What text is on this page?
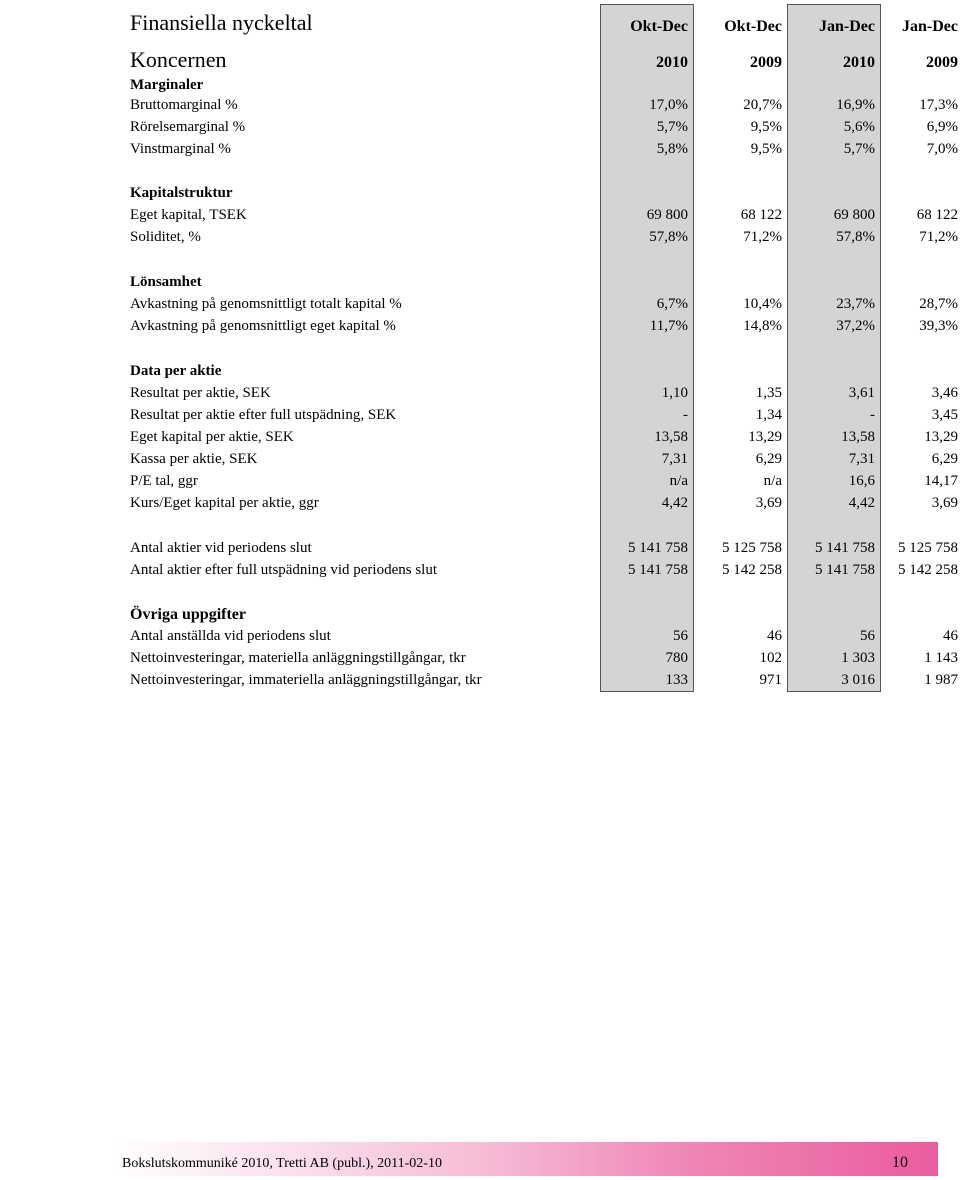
Finansiella nyckeltal
Koncernen
Okt-Dec	Okt-Dec	Jan-Dec	Jan-Dec
2010	2009	2010	2009
Marginaler
Bruttomarginal %	17,0%	20,7%	16,9%	17,3%
Rörelsemarginal %	5,7%	9,5%	5,6%	6,9%
Vinstmarginal %	5,8%	9,5%	5,7%	7,0%
Kapitalstruktur
Eget kapital, TSEK	69 800	68 122	69 800	68 122
Soliditet, %	57,8%	71,2%	57,8%	71,2%
Lönsamhet
Avkastning på genomsnittligt totalt kapital %	6,7%	10,4%	23,7%	28,7%
Avkastning på genomsnittligt eget kapital %	11,7%	14,8%	37,2%	39,3%
Data per aktie
Resultat per aktie, SEK	1,10	1,35	3,61	3,46
Resultat per aktie efter full utspädning, SEK	-	1,34	-	3,45
Eget kapital per aktie, SEK	13,58	13,29	13,58	13,29
Kassa per aktie, SEK	7,31	6,29	7,31	6,29
P/E tal, ggr	n/a	n/a	16,6	14,17
Kurs/Eget kapital per aktie, ggr	4,42	3,69	4,42	3,69
Antal aktier vid periodens slut	5 141 758	5 125 758	5 141 758	5 125 758
Antal aktier efter full utspädning vid periodens slut	5 141 758	5 142 258	5 141 758	5 142 258
Övriga uppgifter
Antal anställda vid periodens slut	56	46	56	46
Nettoinvesteringar, materiella anläggningstillgångar, tkr	780	102	1 303	1 143
Nettoinvesteringar, immateriella anläggningstillgångar, tkr	133	971	3 016	1 987
Bokslutskommuniké 2010, Tretti AB (publ.), 2011-02-10	10
